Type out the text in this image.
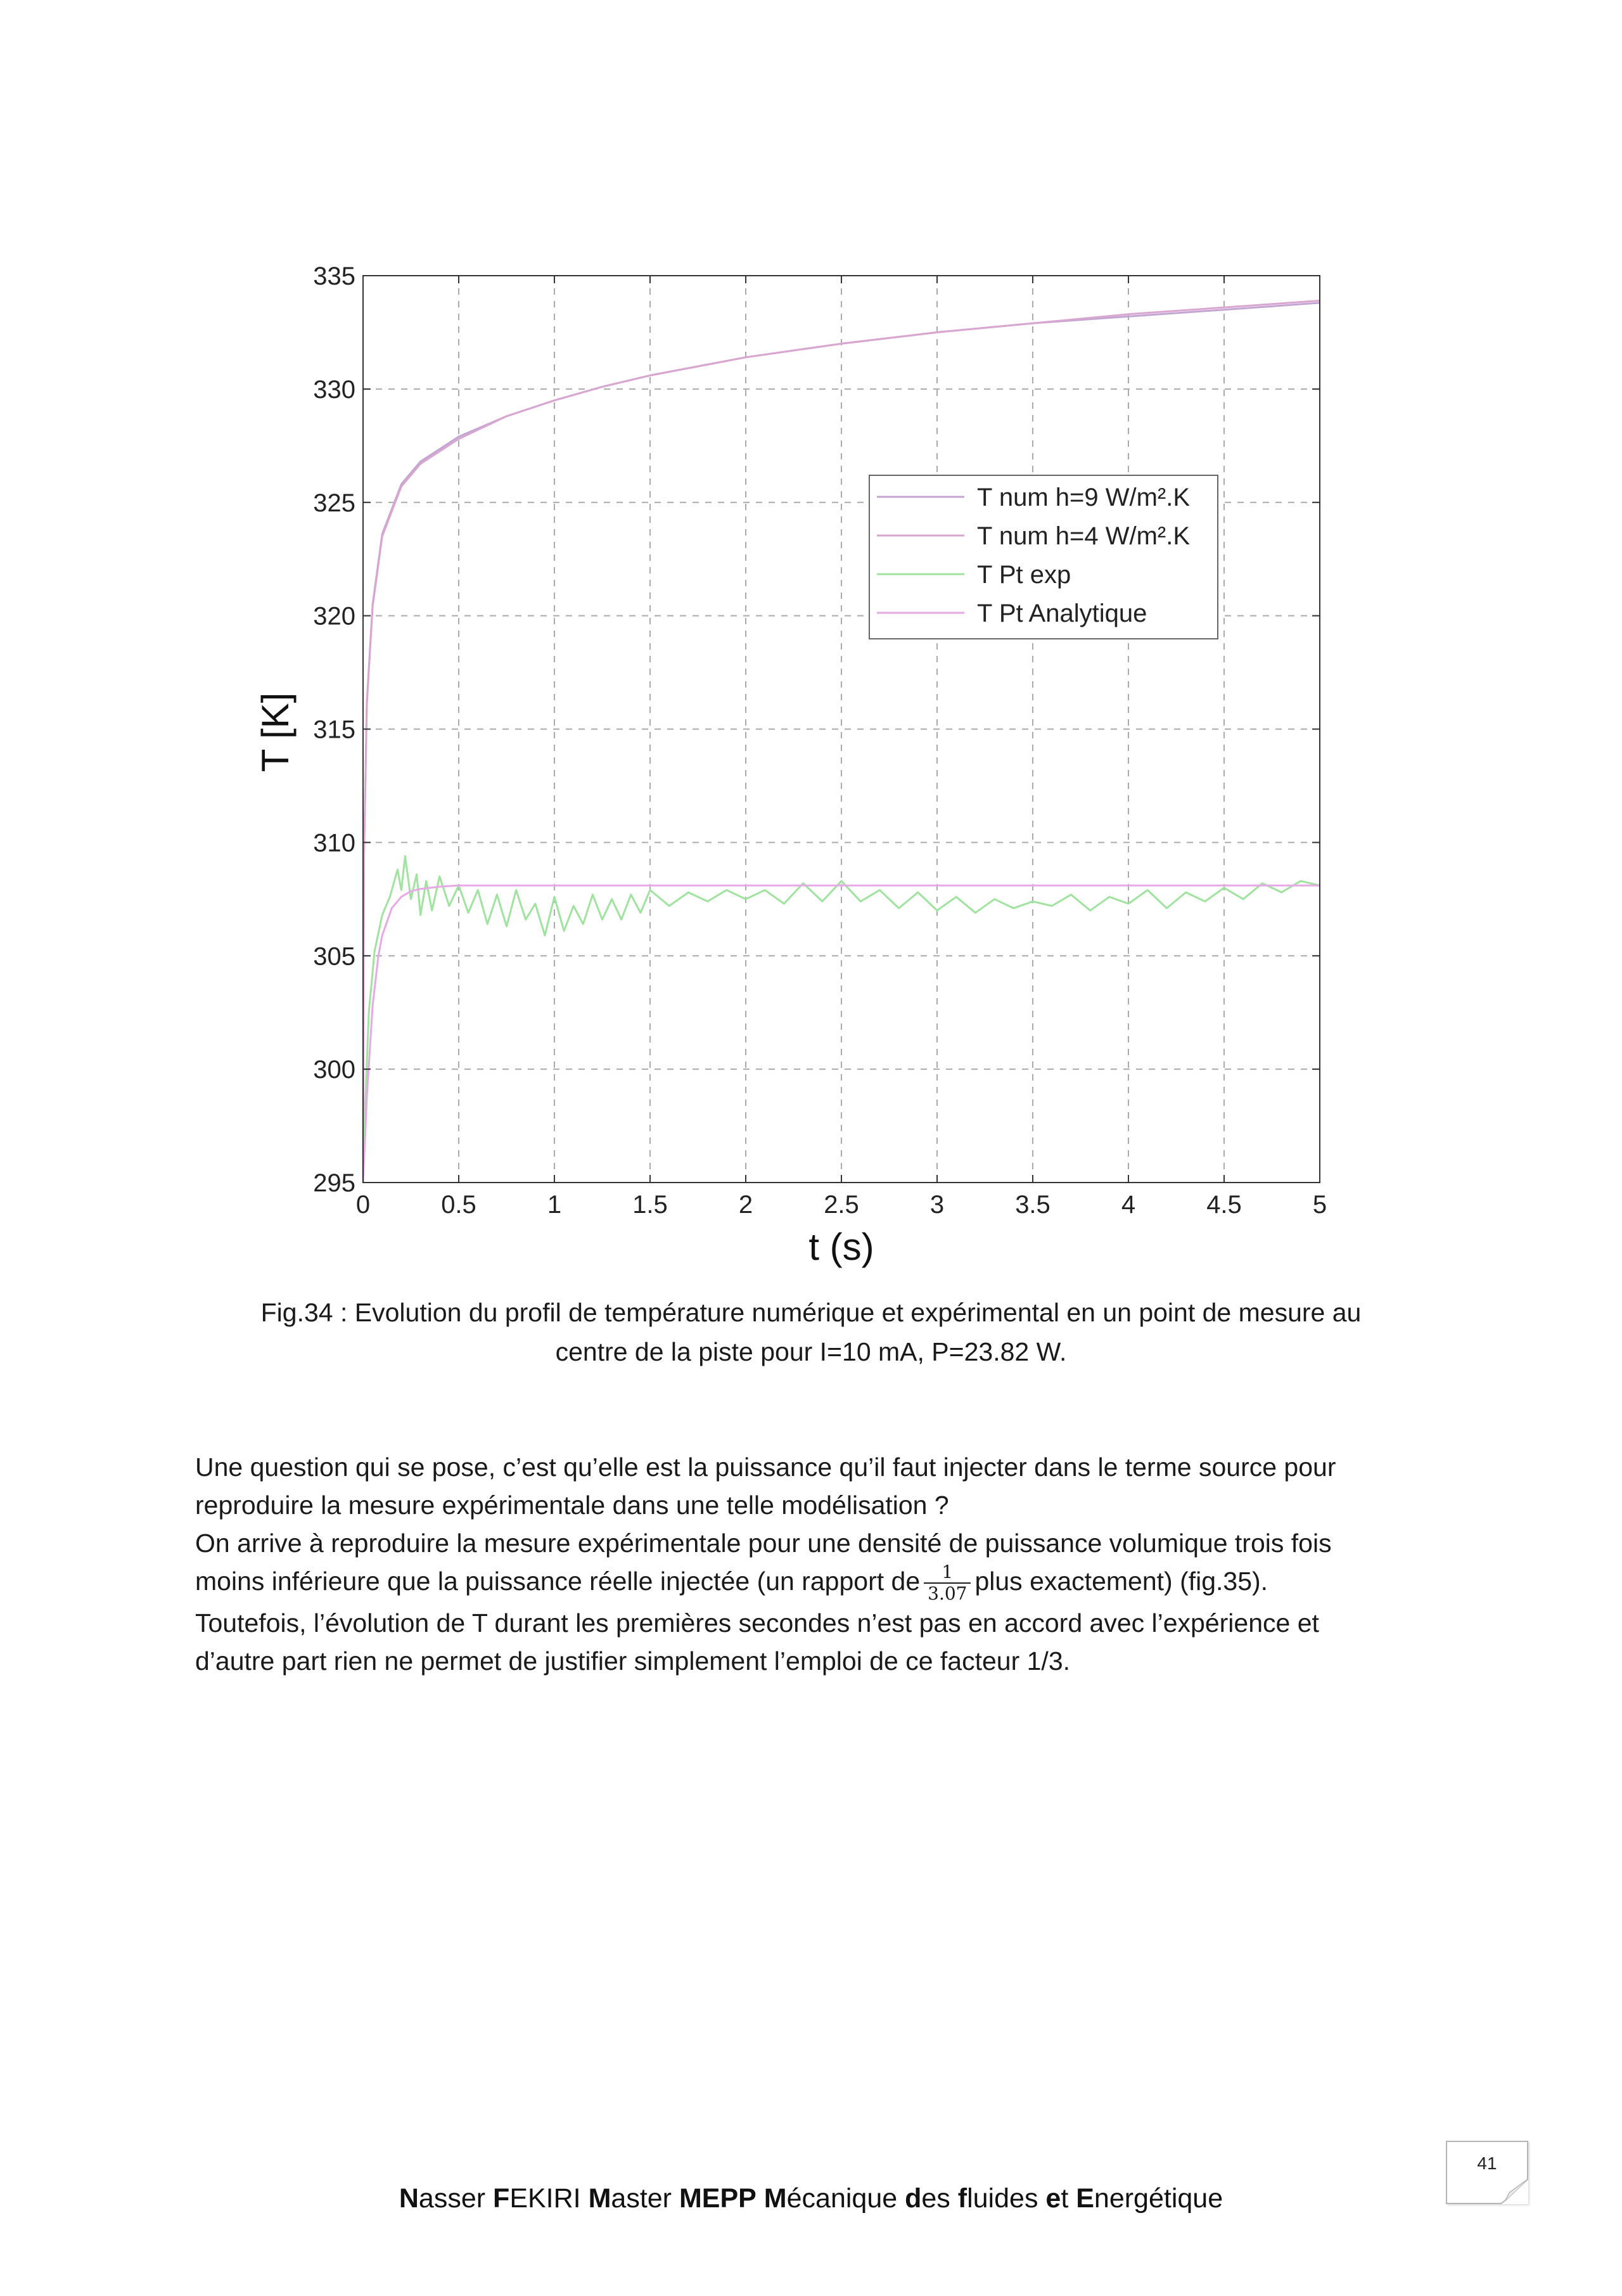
0	0.5	1	1.5	2	2.5	3	3.5	4	4.5	5
295
300
305
310
315
320
325
330
335
t (s)
T [K]
T num h=9 W/m².K
T num h=4 W/m².K
T Pt exp
T Pt Analytique
Fig.34 : Evolution du profil de température numérique et expérimental en un point de mesure au
centre de la piste pour I=10 mA, P=23.82 W.

Une question qui se pose, c’est qu’elle est la puissance qu’il faut injecter dans le terme source pour

reproduire la mesure expérimentale dans une telle modélisation ?

On arrive à reproduire la mesure expérimentale pour une densité de puissance volumique trois fois

moins inférieure que la puissance réelle injectée (un rapport de $\frac{1}{3.07}$ plus exactement) (fig.35).

Toutefois, l’évolution de T durant les premières secondes n’est pas en accord avec l’expérience et

d’autre part rien ne permet de justifier simplement l’emploi de ce facteur 1/3.

41
Nasser FEKIRI Master MEPP Mécanique des fluides et Energétique
